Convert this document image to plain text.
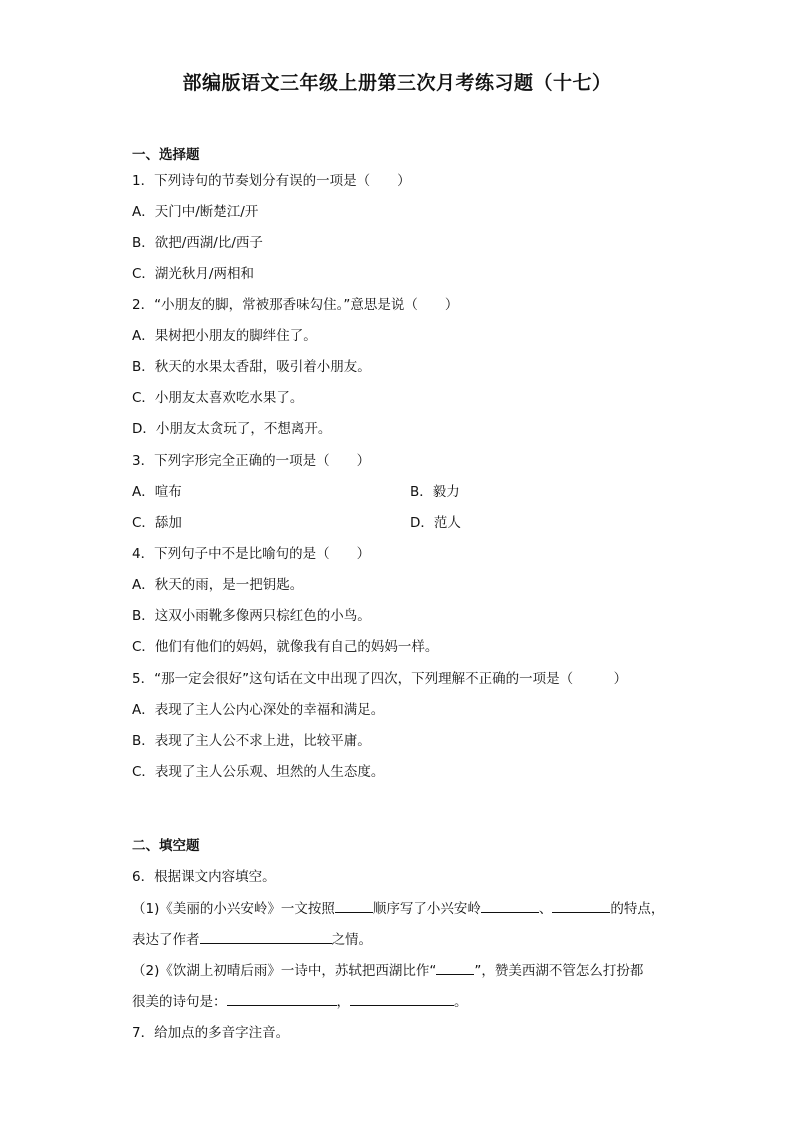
部编版语文三年级上册第三次月考练习题（十七）
一、选择题
1．下列诗句的节奏划分有误的一项是（　　）
A．天门中/断楚江/开
B．欲把/西湖/比/西子
C．湖光秋月/两相和
2．“小朋友的脚，常被那香味勾住。”意思是说（　　）
A．果树把小朋友的脚绊住了。
B．秋天的水果太香甜，吸引着小朋友。
C．小朋友太喜欢吃水果了。
D．小朋友太贪玩了，不想离开。
3．下列字形完全正确的一项是（　　）
A．喧布	B．毅力
C．舔加	D．范人
4．下列句子中不是比喻句的是（　　）
A．秋天的雨，是一把钥匙。
B．这双小雨靴多像两只棕红色的小鸟。
C．他们有他们的妈妈，就像我有自己的妈妈一样。
5．“那一定会很好”这句话在文中出现了四次，下列理解不正确的一项是（　　　）
A．表现了主人公内心深处的幸福和满足。
B．表现了主人公不求上进，比较平庸。
C．表现了主人公乐观、坦然的人生态度。
二、填空题
6．根据课文内容填空。
（1)《美丽的小兴安岭》一文按照	顺序写了小兴安岭	、	的特点，
表达了作者	之情。
（2)《饮湖上初晴后雨》一诗中，苏轼把西湖比作“	”，赞美西湖不管怎么打扮都
很美的诗句是：	，	。
7．给加点的多音字注音。
